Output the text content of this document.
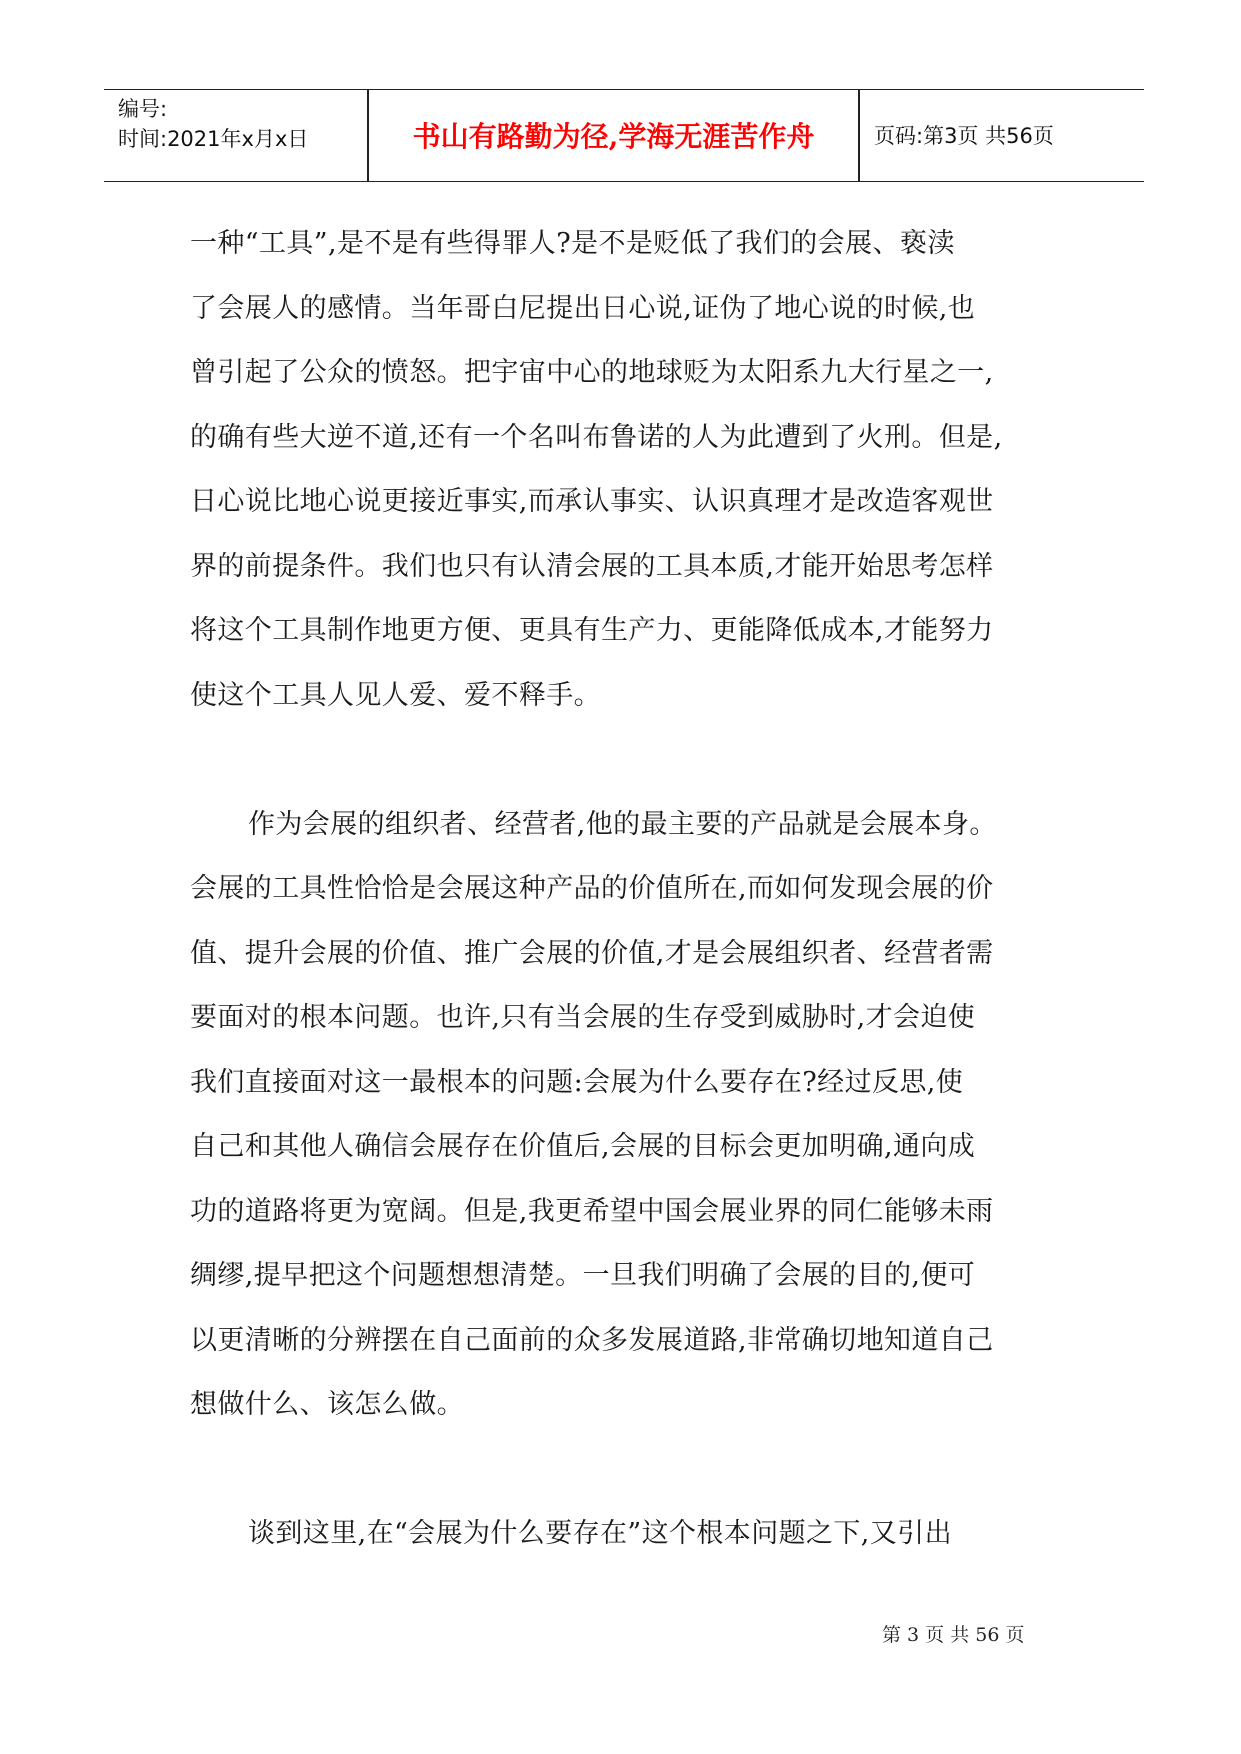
编号:
时间:2021年x月x日	书山有路勤为径,学海无涯苦作舟	页码:第3页 共56页
一种“工具”,是不是有些得罪人?是不是贬低了我们的会展、亵渎
了会展人的感情。当年哥白尼提出日心说,证伪了地心说的时候,也
曾引起了公众的愤怒。把宇宙中心的地球贬为太阳系九大行星之一,
的确有些大逆不道,还有一个名叫布鲁诺的人为此遭到了火刑。但是,
日心说比地心说更接近事实,而承认事实、认识真理才是改造客观世
界的前提条件。我们也只有认清会展的工具本质,才能开始思考怎样
将这个工具制作地更方便、更具有生产力、更能降低成本,才能努力
使这个工具人见人爱、爱不释手。
作为会展的组织者、经营者,他的最主要的产品就是会展本身。
会展的工具性恰恰是会展这种产品的价值所在,而如何发现会展的价
值、提升会展的价值、推广会展的价值,才是会展组织者、经营者需
要面对的根本问题。也许,只有当会展的生存受到威胁时,才会迫使
我们直接面对这一最根本的问题:会展为什么要存在?经过反思,使
自己和其他人确信会展存在价值后,会展的目标会更加明确,通向成
功的道路将更为宽阔。但是,我更希望中国会展业界的同仁能够未雨
绸缪,提早把这个问题想想清楚。一旦我们明确了会展的目的,便可
以更清晰的分辨摆在自己面前的众多发展道路,非常确切地知道自己
想做什么、该怎么做。
谈到这里,在“会展为什么要存在”这个根本问题之下,又引出
第 3 页 共 56 页
